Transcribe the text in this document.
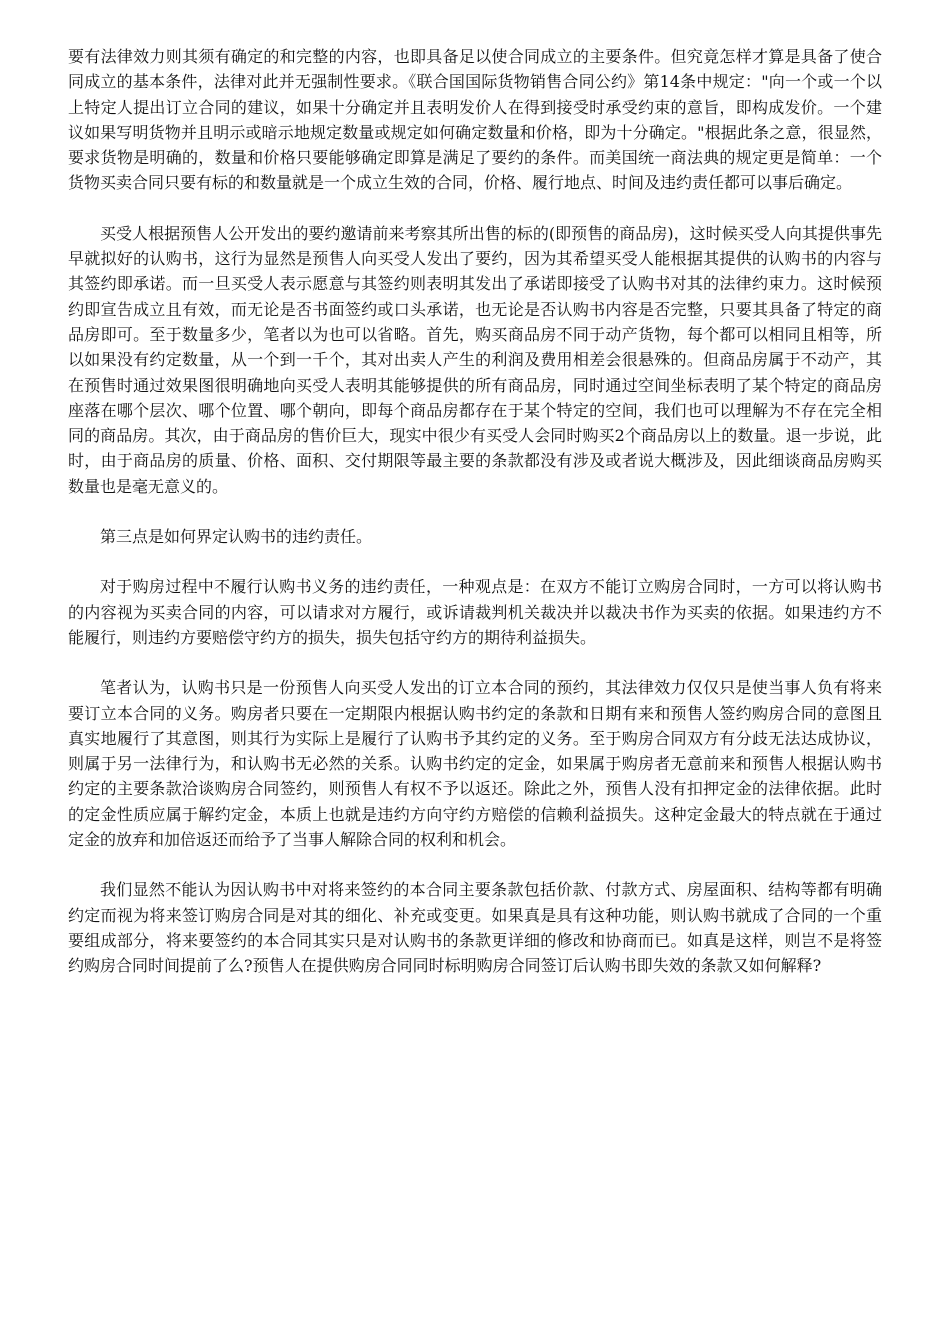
要有法律效力则其须有确定的和完整的内容，也即具备足以使合同成立的主要条件。但究竟怎样才算是具备了使合同成立的基本条件，法律对此并无强制性要求。《联合国国际货物销售合同公约》第14条中规定："向一个或一个以上特定人提出订立合同的建议，如果十分确定并且表明发价人在得到接受时承受约束的意旨，即构成发价。一个建议如果写明货物并且明示或暗示地规定数量或规定如何确定数量和价格，即为十分确定。"根据此条之意，很显然，要求货物是明确的，数量和价格只要能够确定即算是满足了要约的条件。而美国统一商法典的规定更是简单：一个货物买卖合同只要有标的和数量就是一个成立生效的合同，价格、履行地点、时间及违约责任都可以事后确定。

买受人根据预售人公开发出的要约邀请前来考察其所出售的标的(即预售的商品房)，这时候买受人向其提供事先早就拟好的认购书，这行为显然是预售人向买受人发出了要约，因为其希望买受人能根据其提供的认购书的内容与其签约即承诺。而一旦买受人表示愿意与其签约则表明其发出了承诺即接受了认购书对其的法律约束力。这时候预约即宣告成立且有效，而无论是否书面签约或口头承诺，也无论是否认购书内容是否完整，只要其具备了特定的商品房即可。至于数量多少，笔者以为也可以省略。首先，购买商品房不同于动产货物，每个都可以相同且相等，所以如果没有约定数量，从一个到一千个，其对出卖人产生的利润及费用相差会很悬殊的。但商品房属于不动产，其在预售时通过效果图很明确地向买受人表明其能够提供的所有商品房，同时通过空间坐标表明了某个特定的商品房座落在哪个层次、哪个位置、哪个朝向，即每个商品房都存在于某个特定的空间，我们也可以理解为不存在完全相同的商品房。其次，由于商品房的售价巨大，现实中很少有买受人会同时购买2个商品房以上的数量。退一步说，此时，由于商品房的质量、价格、面积、交付期限等最主要的条款都没有涉及或者说大概涉及，因此细谈商品房购买数量也是毫无意义的。

第三点是如何界定认购书的违约责任。

对于购房过程中不履行认购书义务的违约责任，一种观点是：在双方不能订立购房合同时，一方可以将认购书的内容视为买卖合同的内容，可以请求对方履行，或诉请裁判机关裁决并以裁决书作为买卖的依据。如果违约方不能履行，则违约方要赔偿守约方的损失，损失包括守约方的期待利益损失。

笔者认为，认购书只是一份预售人向买受人发出的订立本合同的预约，其法律效力仅仅只是使当事人负有将来要订立本合同的义务。购房者只要在一定期限内根据认购书约定的条款和日期有来和预售人签约购房合同的意图且真实地履行了其意图，则其行为实际上是履行了认购书予其约定的义务。至于购房合同双方有分歧无法达成协议，则属于另一法律行为，和认购书无必然的关系。认购书约定的定金，如果属于购房者无意前来和预售人根据认购书约定的主要条款洽谈购房合同签约，则预售人有权不予以返还。除此之外，预售人没有扣押定金的法律依据。此时的定金性质应属于解约定金，本质上也就是违约方向守约方赔偿的信赖利益损失。这种定金最大的特点就在于通过定金的放弃和加倍返还而给予了当事人解除合同的权利和机会。

我们显然不能认为因认购书中对将来签约的本合同主要条款包括价款、付款方式、房屋面积、结构等都有明确约定而视为将来签订购房合同是对其的细化、补充或变更。如果真是具有这种功能，则认购书就成了合同的一个重要组成部分，将来要签约的本合同其实只是对认购书的条款更详细的修改和协商而已。如真是这样，则岂不是将签约购房合同时间提前了么?预售人在提供购房合同同时标明购房合同签订后认购书即失效的条款又如何解释?
